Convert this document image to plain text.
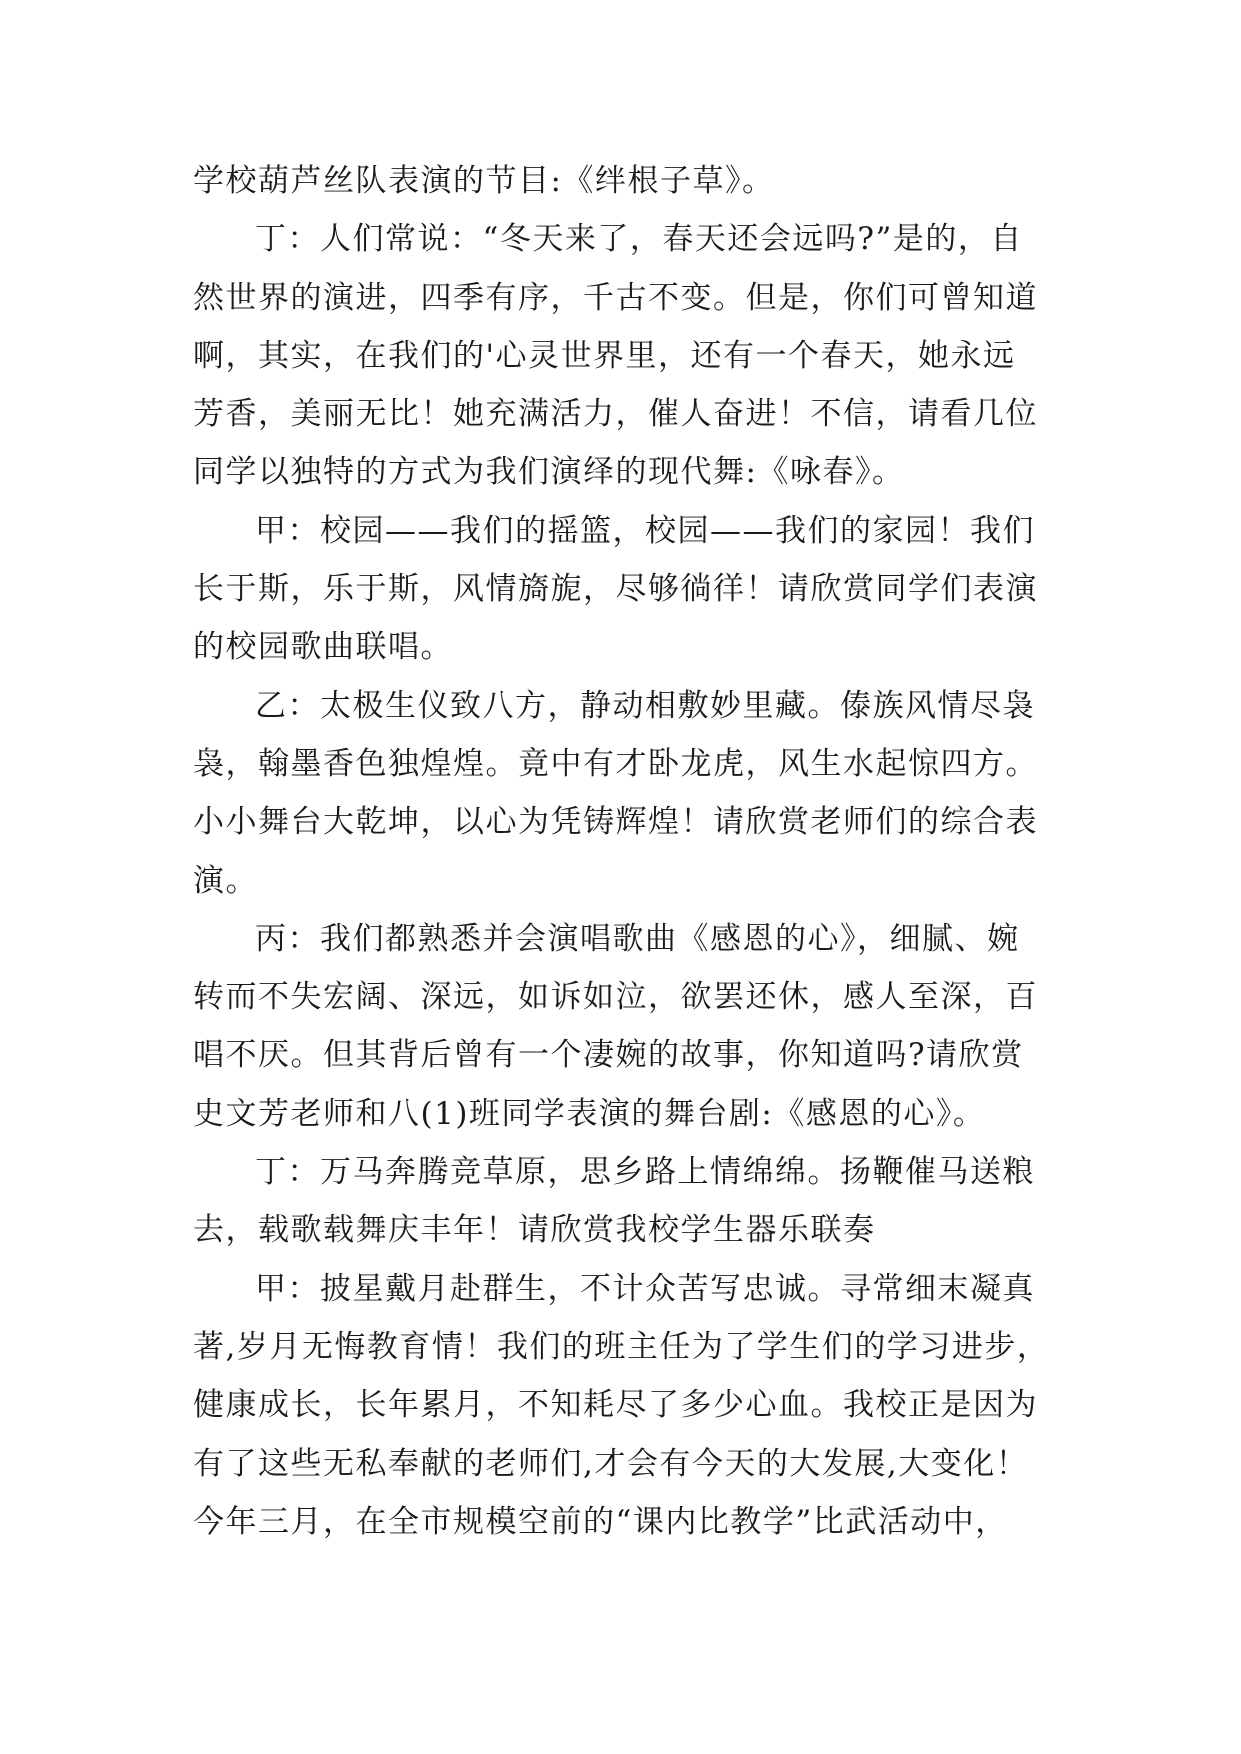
学校葫芦丝队表演的节目:《绊根子草》。
丁：人们常说：“冬天来了，春天还会远吗?”是的，自
然世界的演进，四季有序，千古不变。但是，你们可曾知道
啊，其实，在我们的'心灵世界里，还有一个春天，她永远
芳香，美丽无比！她充满活力，催人奋进！不信，请看几位
同学以独特的方式为我们演绎的现代舞:《咏春》。
甲：校园——我们的摇篮，校园——我们的家园！我们
长于斯，乐于斯，风情旖旎，尽够徜徉！请欣赏同学们表演
的校园歌曲联唱。
乙：太极生仪致八方，静动相敷妙里藏。傣族风情尽袅
袅，翰墨香色独煌煌。竟中有才卧龙虎，风生水起惊四方。
小小舞台大乾坤，以心为凭铸辉煌！请欣赏老师们的综合表
演。
丙：我们都熟悉并会演唱歌曲《感恩的心》，细腻、婉
转而不失宏阔、深远，如诉如泣，欲罢还休，感人至深，百
唱不厌。但其背后曾有一个凄婉的故事，你知道吗?请欣赏
史文芳老师和八(1)班同学表演的舞台剧:《感恩的心》。
丁：万马奔腾竞草原，思乡路上情绵绵。扬鞭催马送粮
去，载歌载舞庆丰年！请欣赏我校学生器乐联奏
甲：披星戴月赴群生，不计众苦写忠诚。寻常细末凝真
著,岁月无悔教育情！我们的班主任为了学生们的学习进步，
健康成长，长年累月，不知耗尽了多少心血。我校正是因为
有了这些无私奉献的老师们,才会有今天的大发展,大变化！
今年三月，在全市规模空前的“课内比教学”比武活动中，
